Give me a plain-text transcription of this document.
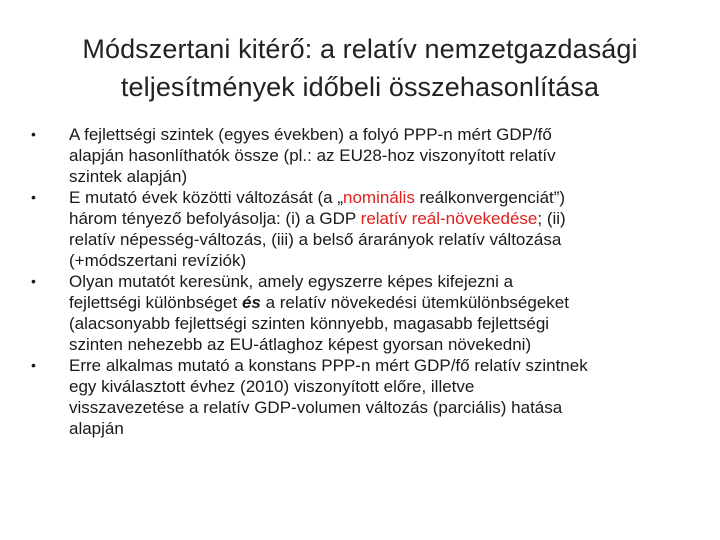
Módszertani kitérő: a relatív nemzetgazdasági
teljesítmények időbeli összehasonlítása
• A fejlettségi szintek (egyes években) a folyó PPP-n mért GDP/fő
alapján hasonlíthatók össze (pl.: az EU28-hoz viszonyított relatív
szintek alapján)
• E mutató évek közötti változását (a „nominális reálkonvergenciát”)
három tényező befolyásolja: (i) a GDP relatív reál-növekedése; (ii)
relatív népesség-változás, (iii) a belső árarányok relatív változása
(+módszertani revíziók)
• Olyan mutatót keresünk, amely egyszerre képes kifejezni a
fejlettségi különbséget és a relatív növekedési ütemkülönbségeket
(alacsonyabb fejlettségi szinten könnyebb, magasabb fejlettségi
szinten nehezebb az EU-átlaghoz képest gyorsan növekedni)
• Erre alkalmas mutató a konstans PPP-n mért GDP/fő relatív szintnek
egy kiválasztott évhez (2010) viszonyított előre, illetve
visszavezetése a relatív GDP-volumen változás (parciális) hatása
alapján
